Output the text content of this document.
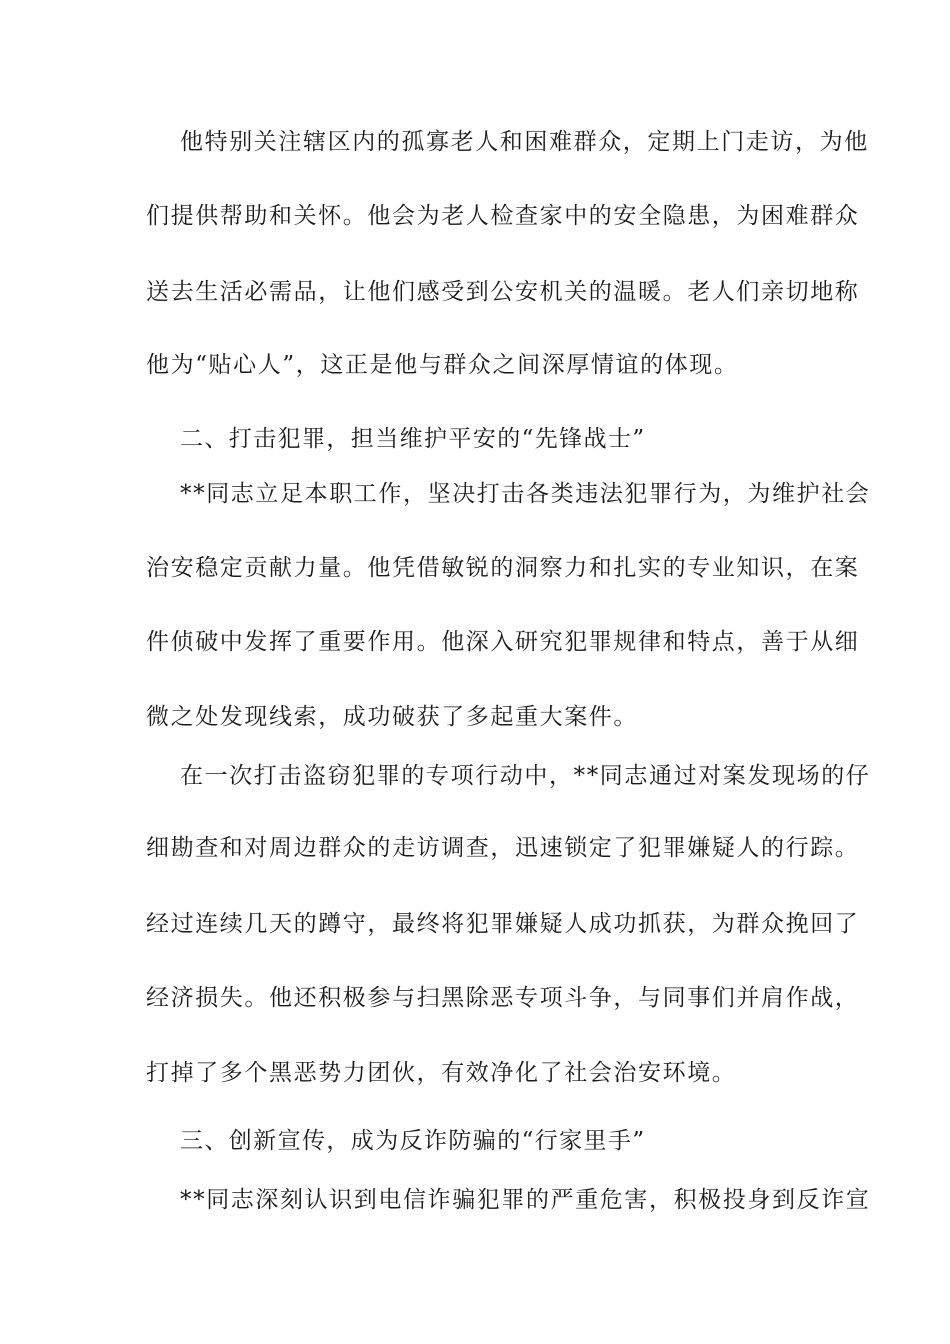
他特别关注辖区内的孤寡老人和困难群众，定期上门走访，为他
们提供帮助和关怀。他会为老人检查家中的安全隐患，为困难群众
送去生活必需品，让他们感受到公安机关的温暖。老人们亲切地称
他为“贴心人”，这正是他与群众之间深厚情谊的体现。
二、打击犯罪，担当维护平安的“先锋战士”
**同志立足本职工作，坚决打击各类违法犯罪行为，为维护社会
治安稳定贡献力量。他凭借敏锐的洞察力和扎实的专业知识，在案
件侦破中发挥了重要作用。他深入研究犯罪规律和特点，善于从细
微之处发现线索，成功破获了多起重大案件。
在一次打击盗窃犯罪的专项行动中，**同志通过对案发现场的仔
细勘查和对周边群众的走访调查，迅速锁定了犯罪嫌疑人的行踪。
经过连续几天的蹲守，最终将犯罪嫌疑人成功抓获，为群众挽回了
经济损失。他还积极参与扫黑除恶专项斗争，与同事们并肩作战，
打掉了多个黑恶势力团伙，有效净化了社会治安环境。
三、创新宣传，成为反诈防骗的“行家里手”
**同志深刻认识到电信诈骗犯罪的严重危害，积极投身到反诈宣
